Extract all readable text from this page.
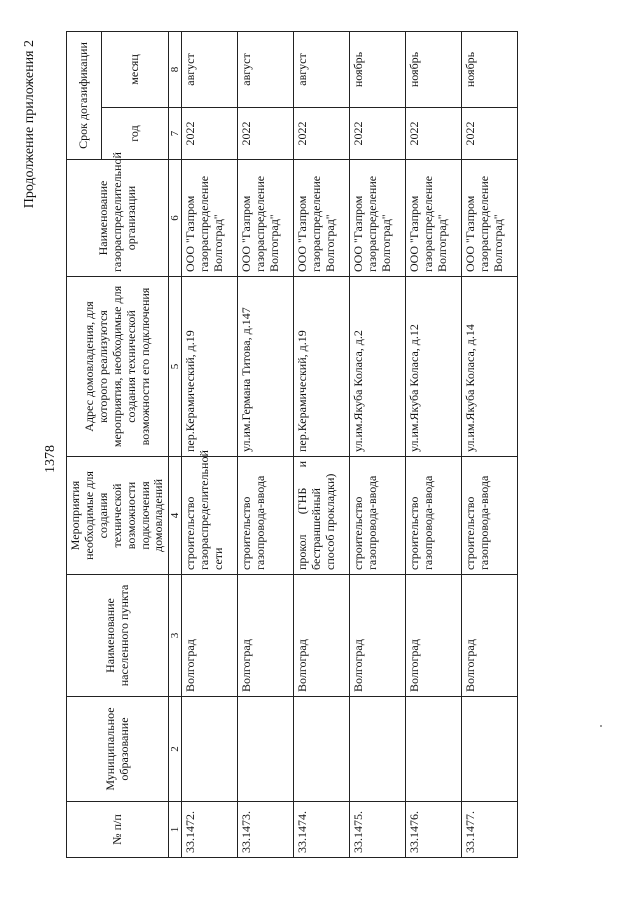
1378
Продолжение приложения 2
№ п/п	Муниципальное образование	Наименование населенного пункта	Мероприятия необходимые для создания технической возможности подключения домовладений	Адрес домовладения, для которого реализуются мероприятия, необходимые для создания технической возможности его подключения	Наименование газораспределительной организации	Срок догазификации	
						год	месяц
1	2	3	4	5	6	7	8
33.1472.		Волгоград	строительство газораспределительной сети	пер.Керамический, д.19	ООО "Газпром газораспределение Волгоград"	2022	август
33.1473.		Волгоград	строительство газопровода-ввода	ул.им.Германа Титова, д.147	ООО "Газпром газораспределение Волгоград"	2022	август
33.1474.		Волгоград	прокол (ГНБ и бестраншейный способ прокладки)	пер.Керамический, д.19	ООО "Газпром газораспределение Волгоград"	2022	август
33.1475.		Волгоград	строительство газопровода-ввода	ул.им.Якуба Коласа, д.2	ООО "Газпром газораспределение Волгоград"	2022	ноябрь
33.1476.		Волгоград	строительство газопровода-ввода	ул.им.Якуба Коласа, д.12	ООО "Газпром газораспределение Волгоград"	2022	ноябрь
33.1477.		Волгоград	строительство газопровода-ввода	ул.им.Якуба Коласа, д.14	ООО "Газпром газораспределение Волгоград"	2022	ноябрь
